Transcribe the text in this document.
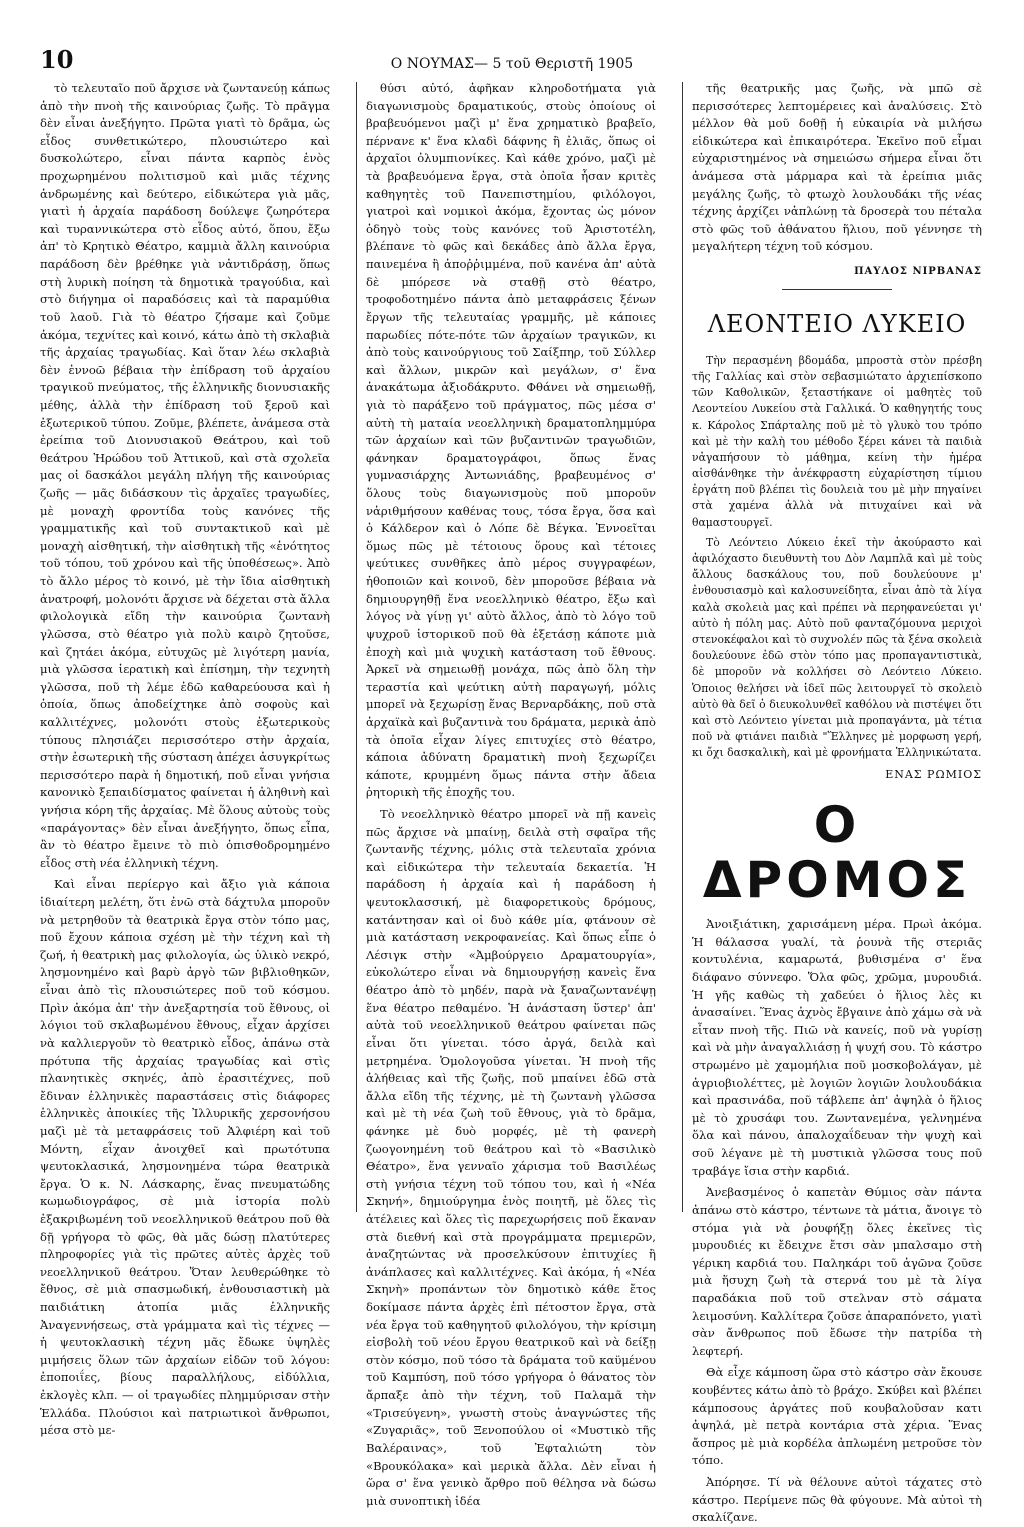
10	Ο ΝΟΥΜΑΣ— 5 τοῦ Θεριστῆ 1905

τὸ τελευταῖο ποῦ ἄρχισε νὰ ζωντανεύῃ κάπως ἀπὸ τὴν πνοὴ τῆς καινούριας ζωῆς. Τὸ πρᾶγμα δὲν εἶναι ἀνεξήγητο. Πρῶτα γιατὶ τὸ δρᾶμα, ὡς εἶδος συνθετικώτερο, πλουσιώτερο καὶ δυσκολώτερο, εἶναι πάντα καρπὸς ἑνὸς προχωρημένου πολιτισμοῦ καὶ μιᾶς τέχνης ἀνδρωμένης καὶ δεύτερο, εἰδικώτερα γιὰ μᾶς, γιατὶ ἡ ἀρχαία παράδοση δούλεψε ζωηρότερα καὶ τυραννικώτερα στὸ εἶδος αὐτό, ὅπου, ἔξω ἀπ' τὸ Κρητικὸ Θέατρο, καμμιὰ ἄλλη καινούρια παράδοση δὲν βρέθηκε γιὰ νἀντιδράσῃ, ὅπως στὴ λυρικὴ ποίηση τὰ δημοτικὰ τραγούδια, καὶ στὸ διήγημα οἱ παραδόσεις καὶ τὰ παραμύθια τοῦ λαοῦ. Γιὰ τὸ θέατρο ζήσαμε καὶ ζοῦμε ἀκόμα, τεχνίτες καὶ κοινό, κάτω ἀπὸ τὴ σκλαβιὰ τῆς ἀρχαίας τραγωδίας. Καὶ ὅταν λέω σκλαβιὰ δὲν ἐννοῶ βέβαια τὴν ἐπίδραση τοῦ ἀρχαίου τραγικοῦ πνεύματος, τῆς ἑλληνικῆς διονυσιακῆς μέθης, ἀλλὰ τὴν ἐπίδραση τοῦ ξεροῦ καὶ ἐξωτερικοῦ τύπου. Ζοῦμε, βλέπετε, ἀνάμεσα στὰ ἐρείπια τοῦ Διονυσιακοῦ Θεάτρου, καὶ τοῦ θεάτρου Ἡρώδου τοῦ Ἀττικοῦ, καὶ στὰ σχολεῖα μας οἱ δασκάλοι μεγάλη πλήγη τῆς καινούριας ζωῆς — μᾶς διδάσκουν τὶς ἀρχαῖες τραγωδίες, μὲ μοναχὴ φροντίδα τοὺς κανόνες τῆς γραμματικῆς καὶ τοῦ συντακτικοῦ καὶ μὲ μοναχὴ αἰσθητική, τὴν αἰσθητικὴ τῆς «ἑνότητος τοῦ τόπου, τοῦ χρόνου καὶ τῆς ὑποθέσεως». Ἀπὸ τὸ ἄλλο μέρος τὸ κοινό, μὲ τὴν ἴδια αἰσθητικὴ ἀνατροφή, μολονότι ἄρχισε νὰ δέχεται στὰ ἄλλα φιλολογικὰ εἴδη τὴν καινούρια ζωντανὴ γλῶσσα, στὸ θέατρο γιὰ πολὺ καιρὸ ζητοῦσε, καὶ ζητάει ἀκόμα, εὐτυχῶς μὲ λιγότερη μανία, μιὰ γλῶσσα ἱερατικὴ καὶ ἐπίσημη, τὴν τεχνητὴ γλῶσσα, ποῦ τὴ λέμε ἐδῶ καθαρεύουσα καὶ ἡ ὁποία, ὅπως ἀποδείχτηκε ἀπὸ σοφοὺς καὶ καλλιτέχνες, μολονότι στοὺς ἐξωτερικοὺς τύπους πλησιάζει περισσότερο στὴν ἀρχαία, στὴν ἐσωτερικὴ τῆς σύσταση ἀπέχει ἀσυγκρίτως περισσότερο παρὰ ἡ δημοτική, ποῦ εἶναι γνήσια κανονικὸ ξεπαιδίσματος φαίνεται ἡ ἀληθινὴ καὶ γνήσια κόρη τῆς ἀρχαίας. Μὲ ὅλους αὐτοὺς τοὺς «παράγοντας» δὲν εἶναι ἀνεξήγητο, ὅπως εἶπα, ἂν τὸ θέατρο ἔμεινε τὸ πιὸ ὀπισθοδρομημένο εἶδος στὴ νέα ἑλληνικὴ τέχνη.

Καὶ εἶναι περίεργο καὶ ἄξιο γιὰ κάποια ἰδιαίτερη μελέτη, ὅτι ἐνῶ στὰ δάχτυλα μποροῦν νὰ μετρηθοῦν τὰ θεατρικὰ ἔργα στὸν τόπο μας, ποῦ ἔχουν κάποια σχέση μὲ τὴν τέχνη καὶ τὴ ζωή, ἡ θεατρικὴ μας φιλολογία, ὡς ὑλικὸ νεκρό, λησμονημένο καὶ βαρὺ ἀργὸ τῶν βιβλιοθηκῶν, εἶναι ἀπὸ τὶς πλουσιώτερες ποῦ τοῦ κόσμου. Πρὶν ἀκόμα ἀπ' τὴν ἀνεξαρτησία τοῦ ἔθνους, οἱ λόγιοι τοῦ σκλαβωμένου ἔθνους, εἶχαν ἀρχίσει νὰ καλλιεργοῦν τὸ θεατρικὸ εἶδος, ἀπάνω στὰ πρότυπα τῆς ἀρχαίας τραγωδίας καὶ στὶς πλανητικὲς σκηνές, ἀπὸ ἐρασιτέχνες, ποῦ ἔδιναν ἑλληνικὲς παραστάσεις στὶς διάφορες ἑλληνικὲς ἀποικίες τῆς Ἰλλυρικῆς χερσονήσου μαζὶ μὲ τὰ μεταφράσεις τοῦ Ἀλφιέρη καὶ τοῦ Μόντη, εἶχαν ἀνοιχθεῖ καὶ πρωτότυπα ψευτοκλασικά, λησμονημένα τώρα θεατρικὰ ἔργα. Ὁ κ. Ν. Λάσκαρης, ἕνας πνευματώδης κωμωδιογράφος, σὲ μιὰ ἱστορία πολὺ ἐξακριβωμένη τοῦ νεοελληνικοῦ θεάτρου ποῦ θὰ δῇ γρήγορα τὸ φῶς, θὰ μᾶς δώσῃ πλατύτερες πληροφορίες γιὰ τὶς πρῶτες αὐτὲς ἀρχὲς τοῦ νεοελληνικοῦ θεάτρου. Ὅταν λευθερώθηκε τὸ ἔθνος, σὲ μιὰ σπασμωδική, ἐνθουσιαστικὴ μὰ παιδιάτικη ἀτοπία μιᾶς ἑλληνικῆς Ἀναγεννήσεως, στὰ γράμματα καὶ τὶς τέχνες — ἡ ψευτοκλασικὴ τέχνη μᾶς ἔδωκε ὑψηλὲς μιμήσεις ὅλων τῶν ἀρχαίων εἰδῶν τοῦ λόγου: ἐποποιΐες, βίους παραλλήλους, εἰδύλλια, ἐκλογὲς κλπ. — οἱ τραγωδίες πλημμύρισαν στὴν Ἑλλάδα. Πλούσιοι καὶ πατριωτικοὶ ἄνθρωποι, μέσα στὸ με-

θύσι αὐτό, ἀφῆκαν κληροδοτήματα γιὰ διαγωνισμοὺς δραματικούς, στοὺς ὁποίους οἱ βραβευόμενοι μαζὶ μ' ἕνα χρηματικὸ βραβεῖο, πέρνανε κ' ἕνα κλαδὶ δάφνης ἢ ἐλιᾶς, ὅπως οἱ ἀρχαῖοι ὀλυμπιονίκες. Καὶ κάθε χρόνο, μαζὶ μὲ τὰ βραβευόμενα ἔργα, στὰ ὁποῖα ἦσαν κριτὲς καθηγητὲς τοῦ Πανεπιστημίου, φιλόλογοι, γιατροὶ καὶ νομικοὶ ἀκόμα, ἔχοντας ὡς μόνον ὁδηγὸ τοὺς τοὺς κανόνες τοῦ Ἀριστοτέλη, βλέπανε τὸ φῶς καὶ δεκάδες ἀπὸ ἄλλα ἔργα, παινεμένα ἢ ἀποῤῥιμμένα, ποῦ κανένα ἀπ' αὐτὰ δὲ μπόρεσε νὰ σταθῇ στὸ θέατρο, τροφοδοτημένο πάντα ἀπὸ μεταφράσεις ξένων ἔργων τῆς τελευταίας γραμμῆς, μὲ κάποιες παρωδίες πότε-πότε τῶν ἀρχαίων τραγικῶν, κι ἀπὸ τοὺς καινούργιους τοῦ Σαίξπηρ, τοῦ Σύλλερ καὶ ἄλλων, μικρῶν καὶ μεγάλων, σ' ἕνα ἀνακάτωμα ἀξιοδάκρυτο. Φθάνει νὰ σημειωθῇ, γιὰ τὸ παράξενο τοῦ πράγματος, πῶς μέσα σ' αὐτὴ τὴ ματαία νεοελληνικὴ δραματοπλημμύρα τῶν ἀρχαίων καὶ τῶν βυζαντινῶν τραγωδιῶν, φάνηκαν δραματογράφοι, ὅπως ἕνας γυμνασιάρχης Ἀντωνιάδης, βραβευμένος σ' ὅλους τοὺς διαγωνισμοὺς ποῦ μποροῦν νἀριθμήσουν καθένας τους, τόσα ἔργα, ὅσα καὶ ὁ Κάλδερον καὶ ὁ Λόπε δὲ Βέγκα. Ἐννοεῖται ὅμως πῶς μὲ τέτοιους ὅρους καὶ τέτοιες ψεύτικες συνθῆκες ἀπὸ μέρος συγγραφέων, ἠθοποιῶν καὶ κοινοῦ, δὲν μποροῦσε βέβαια νὰ δημιουργηθῇ ἕνα νεοελληνικὸ θέατρο, ἔξω καὶ λόγος νὰ γίνῃ γι' αὐτὸ ἄλλος, ἀπὸ τὸ λόγο τοῦ ψυχροῦ ἱστορικοῦ ποῦ θὰ ἐξετάσῃ κάποτε μιὰ ἐποχὴ καὶ μιὰ ψυχικὴ κατάσταση τοῦ ἔθνους. Ἀρκεῖ νὰ σημειωθῇ μονάχα, πῶς ἀπὸ ὅλη τὴν τεραστία καὶ ψεύτικη αὐτὴ παραγωγή, μόλις μπορεῖ νὰ ξεχωρίσῃ ἕνας Βερναρδάκης, ποῦ στὰ ἀρχαϊκὰ καὶ βυζαντινὰ του δράματα, μερικὰ ἀπὸ τὰ ὁποῖα εἶχαν λίγες επιτυχίες στὸ θέατρο, κάποια ἀδύνατη δραματικὴ πνοὴ ξεχωρίζει κάποτε, κρυμμένη ὅμως πάντα στὴν ἄδεια ῥητορικὴ τῆς ἐποχῆς του.

Τὸ νεοελληνικὸ θέατρο μπορεῖ νὰ πῇ κανεὶς πῶς ἄρχισε νὰ μπαίνῃ, δειλὰ στὴ σφαῖρα τῆς ζωντανῆς τέχνης, μόλις στὰ τελευταῖα χρόνια καὶ εἰδικώτερα τὴν τελευταία δεκαετία. Ἡ παράδοση ἡ ἀρχαία καὶ ἡ παράδοση ἡ ψευτοκλασσική, μὲ διαφορετικοὺς δρόμους, κατάντησαν καὶ οἱ δυὸ κάθε μία, φτάνουν σὲ μιὰ κατάσταση νεκροφανείας. Καὶ ὅπως εἶπε ὁ Λέσιγκ στὴν «Ἀμβούργειο Δραματουργία», εὐκολώτερο εἶναι νὰ δημιουργήσῃ κανεὶς ἕνα θέατρο ἀπὸ τὸ μηδέν, παρὰ νὰ ξαναζωντανέψῃ ἕνα θέατρο πεθαμένο. Ἡ ἀνάσταση ὕστερ' ἀπ' αὐτὰ τοῦ νεοελληνικοῦ θεάτρου φαίνεται πῶς εἶναι ὅτι γίνεται. τόσο ἀργά, δειλὰ καὶ μετρημένα. Ὁμολογοῦσα γίνεται. Ἡ πνοὴ τῆς ἀλήθειας καὶ τῆς ζωῆς, ποῦ μπαίνει ἐδῶ στὰ ἄλλα εἴδη τῆς τέχνης, μὲ τὴ ζωντανὴ γλῶσσα καὶ μὲ τὴ νέα ζωὴ τοῦ ἔθνους, γιὰ τὸ δρᾶμα, φάνηκε μὲ δυὸ μορφές, μὲ τὴ φανερὴ ζωογονημένη τοῦ θεάτρου καὶ τὸ «Βασιλικὸ Θέατρο», ἕνα γενναῖο χάρισμα τοῦ Βασιλέως στὴ γνήσια τέχνη τοῦ τόπου του, καὶ ἡ «Νέα Σκηνή», δημιούργημα ἑνὸς ποιητῆ, μὲ ὅλες τὶς ἀτέλειες καὶ ὅλες τὶς παρεχωρήσεις ποῦ ἔκαναν στὰ διεθνή καὶ στὰ προγράμματα πρεμιερῶν, ἀναζητώντας νὰ προσελκύσουν ἐπιτυχίες ἢ ἀνάπλασες καὶ καλλιτέχνες. Καὶ ἀκόμα, ἡ «Νέα Σκηνὴ» προπάντων τὸν δημοτικὸ κάθε ἔτος δοκίμασε πάντα ἀρχὲς ἐπὶ πέτοστον ἔργα, στὰ νέα ἔργα τοῦ καθηγητοῦ φιλολόγου, τὴν κρίσιμη εἰσβολὴ τοῦ νέου ἔργου θεατρικοῦ καὶ νὰ δείξῃ στὸν κόσμο, ποῦ τόσο τὰ δράματα τοῦ καϋμένου τοῦ Καμπύση, ποῦ τόσο γρήγορα ὁ θάνατος τὸν ἄρπαξε ἀπὸ τὴν τέχνη, τοῦ Παλαμᾶ τὴν «Τρισεύγενη», γνωστὴ στοὺς ἀναγνώστες τῆς «Ζυγαριᾶς», τοῦ Ξενοπούλου οἱ «Μυστικὸ τῆς Βαλέραινας», τοῦ Ἐφταλιώτη τὸν «Βρουκόλακα» καὶ μερικὰ ἄλλα. Δὲν εἶναι ἡ ὥρα σ' ἕνα γενικὸ ἄρθρο ποῦ θέλησα νὰ δώσω μιὰ συνοπτικὴ ἰδέα

τῆς θεατρικῆς μας ζωῆς, νὰ μπῶ σὲ περισσότερες λεπτομέρειες καὶ ἀναλύσεις. Στὸ μέλλον θὰ μοῦ δοθῇ ἡ εὐκαιρία νὰ μιλήσω εἰδικώτερα καὶ ἐπικαιρότερα. Ἐκεῖνο ποῦ εἶμαι εὐχαριστημένος νὰ σημειώσω σήμερα εἶναι ὅτι ἀνάμεσα στὰ μάρμαρα καὶ τὰ ἐρείπια μιᾶς μεγάλης ζωῆς, τὸ φτωχὸ λουλουδάκι τῆς νέας τέχνης ἀρχίζει νἀπλώνῃ τὰ δροσερὰ του πέταλα στὸ φῶς τοῦ ἀθάνατου ἥλιου, ποῦ γέννησε τὴ μεγαλήτερη τέχνη τοῦ κόσμου.

ΠΑΥΛΟΣ ΝΙΡΒΑΝΑΣ
ΛΕΟΝΤΕΙΟ ΛΥΚΕΙΟ

Τὴν περασμένη βδομάδα, μπροστὰ στὸν πρέσβη τῆς Γαλλίας καὶ στὸν σεβασμιώτατο ἀρχιεπίσκοπο τῶν Καθολικῶν, ξεταστήκανε οἱ μαθητὲς τοῦ Λεοντείου Λυκείου στὰ Γαλλικά. Ὁ καθηγητής τους κ. Κάρολος Σπάρταλης ποῦ μὲ τὸ γλυκὸ του τρόπο καὶ μὲ τὴν καλὴ του μέθοδο ξέρει κάνει τὰ παιδιὰ νἀγαπήσουν τὸ μάθημα, κείνη τὴν ἡμέρα αἰσθάνθηκε τὴν ἀνέκφραστη εὐχαρίστηση τίμιου ἐργάτη ποῦ βλέπει τὶς δουλειὰ του μὲ μὴν πηγαίνει στὰ χαμένα ἀλλὰ νὰ πιτυχαίνει καὶ νὰ θαμαστουργεῖ.

Τὸ Λεόντειο Λύκειο ἐκεῖ τὴν ἀκούραστο καὶ ἀφιλόχαστο διευθυντὴ του Δὸν Λαμπλᾶ καὶ μὲ τοὺς ἄλλους δασκάλους του, ποῦ δουλεύουνε μ' ἐνθουσιασμὸ καὶ καλοσυνείδητα, εἶναι ἀπὸ τὰ λίγα καλὰ σκολειὰ μας καὶ πρέπει νὰ περηφανεύεται γι' αὐτὸ ἡ πόλη μας. Αὐτὸ ποῦ φανταζόμουνα μεριχοὶ στενοκέφαλοι καὶ τὸ συχνολέν πῶς τὰ ξένα σκολειὰ δουλεύουνε ἐδῶ στὸν τόπο μας προπαγαντιστικὰ, δὲ μποροῦν νὰ κολλήσει σὸ Λεόντειο Λύκειο. Ὁποιος θελήσει νὰ ἰδεῖ πῶς λειτουργεῖ τὸ σκολειὸ αὐτὸ θὰ δεῖ ὁ διευκολυνθεῖ καθόλου νὰ πιστέψει ὅτι καὶ στὸ Λεόντειο γίνεται μιὰ προπαγάντα, μὰ τέτια ποῦ νὰ φτιάνει παιδιὰ "Ἕλληνες μὲ μορφωση γερή, κι ὄχι δασκαλικὴ, καὶ μὲ φρονήματα Ἑλληνικώτατα.

ΕΝΑΣ ΡΩΜΙΟΣ
Ο ΔΡΟΜΟΣ

Ἀνοιξιάτικη, χαρισάμενη μέρα. Πρωὶ ἀκόμα. Ἡ θάλασσα γυαλί, τὰ ῥουνὰ τῆς στεριᾶς κοντυλένια, καμαρωτά, βυθισμένα σ' ἕνα διάφανο σύννεφο. Ὅλα φῶς, χρῶμα, μυρουδιά. Ἡ γῆς καθὼς τὴ χαδεύει ὁ ἥλιος λὲς κι ἀνασαίνει. Ἕνας ἀχνὸς ἔβγαινε ἀπὸ χάμω σὰ νὰ εἶταν πνοὴ τῆς. Πιῶ νὰ κανείς, ποῦ νὰ γυρίσῃ καὶ νὰ μὴν ἀναγαλλιάσῃ ἡ ψυχή σου. Τὸ κάστρο στρωμένο μὲ χαμομήλια ποῦ μοσκοβολάγαν, μὲ ἀγριοβιολέττες, μὲ λογιῶν λογιῶν λουλουδάκια καὶ πρασινάδα, ποῦ τάβλεπε ἀπ' ἀψηλὰ ὁ ἥλιος μὲ τὸ χρυσάφι του. Ζωντανεμένα, γελνημένα ὅλα καὶ πάνου, ἀπαλοχαΐδευαν τὴν ψυχὴ καὶ σοῦ λέγανε μὲ τὴ μυστικιὰ γλῶσσα τους ποῦ τραβάγε ἴσια στὴν καρδιά.

Ἀνεβασμένος ὁ καπετὰν Θύμιος σὰν πάντα ἀπάνω στὸ κάστρο, τέντωνε τὰ μάτια, ἄνοιγε τὸ στόμα γιὰ νὰ ῥουφήξῃ ὅλες ἐκεῖνες τὶς μυρουδιές κι ἔδειχνε ἔτσι σὰν μπαλσαμο στὴ γέρικη καρδιά του. Παληκάρι τοῦ ἀγῶνα ζοῦσε μιὰ ἥσυχη ζωὴ τὰ στερνά του μὲ τὰ λίγα παραδάκια ποῦ τοῦ στελναν στὸ σάματα λειμοσύνη. Καλλίτερα ζοῦσε ἀπαραπόνετο, γιατὶ σὰν ἄνθρωπος ποῦ ἔδωσε τὴν πατρίδα τὴ λεφτερή.

Θὰ εἶχε κάμποση ὥρα στὸ κάστρο σὰν ἔκουσε κουβέντες κάτω ἀπὸ τὸ βράχο. Σκύβει καὶ βλέπει κάμποσους ἀργάτες ποῦ κουβαλοῦσαν κατι ἀψηλά, μὲ πετρὰ κοντάρια στὰ χέρια. Ἕνας ἄσπρος μὲ μιὰ κορδέλα ἀπλωμένη μετροῦσε τὸν τόπο.

Ἀπόρησε. Τί νὰ θέλουνε αὐτοὶ τάχατες στὸ κάστρο. Περίμενε πῶς θὰ φύγουνε. Μὰ αὐτοὶ τὴ σκαλίζανε.
